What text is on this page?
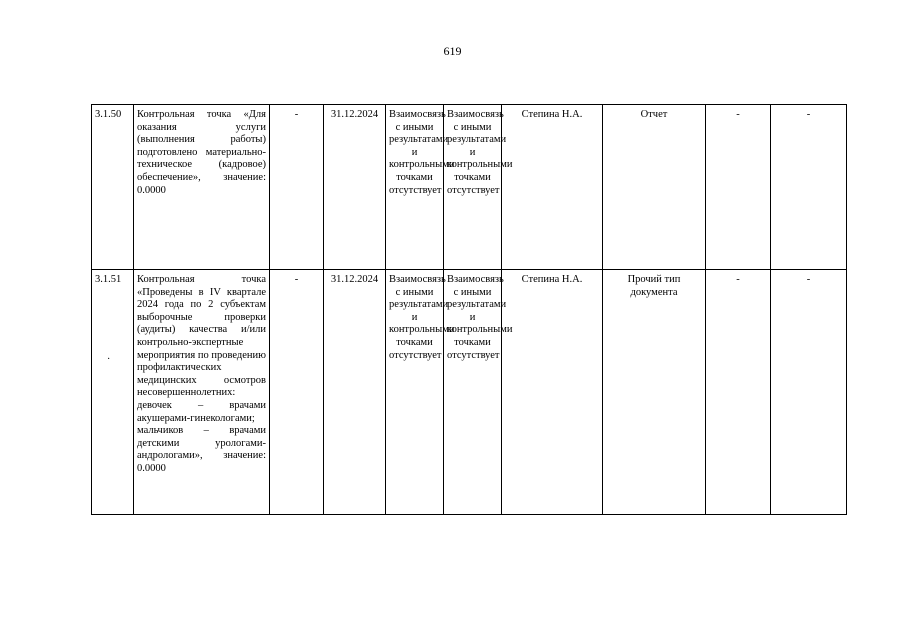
619
3.1.50	Контрольная точка «Для оказания услуги (выполнения работы) подготовлено материально-техническое (кадровое) обеспечение», значение: 0.0000	-	31.12.2024	Взаимосвязь с иными результатами и контрольными точками отсутствует	Взаимосвязь с иными результатами и контрольными точками отсутствует	Степина Н.А.	Отчет	-	-
3.1.51	Контрольная точка «Проведены в IV квартале 2024 года по 2 субъектам выборочные проверки (аудиты) качества и/или контрольно-экспертные мероприятия по проведению профилактических медицинских осмотров несовершеннолетних: девочек – врачами акушерами-гинекологами; мальчиков – врачами детскими урологами-андрологами», значение: 0.0000	-	31.12.2024	Взаимосвязь с иными результатами и контрольными точками отсутствует	Взаимосвязь с иными результатами и контрольными точками отсутствует	Степина Н.А.	Прочий тип документа	-	-
·
